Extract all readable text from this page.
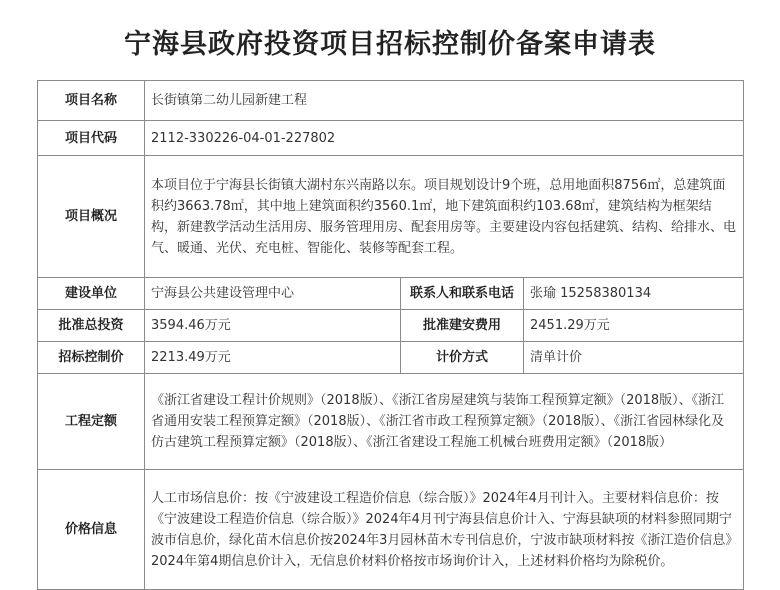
宁海县政府投资项目招标控制价备案申请表
项目名称	长街镇第二幼儿园新建工程		
项目代码	2112-330226-04-01-227802		
项目概况	本项目位于宁海县长街镇大湖村东兴南路以东。项目规划设计9个班，总用地面积8756㎡，总建筑面积约3663.78㎡，其中地上建筑面积约3560.1㎡，地下建筑面积约103.68㎡，建筑结构为框架结构，新建教学活动生活用房、服务管理用房、配套用房等。主要建设内容包括建筑、结构、给排水、电气、暖通、光伏、充电桩、智能化、装修等配套工程。		
建设单位	宁海县公共建设管理中心	联系人和联系电话	张瑜 15258380134
批准总投资	3594.46万元	批准建安费用	2451.29万元
招标控制价	2213.49万元	计价方式	清单计价
工程定额	《浙江省建设工程计价规则》（2018版）、《浙江省房屋建筑与装饰工程预算定额》（2018版）、《浙江省通用安装工程预算定额》（2018版）、《浙江省市政工程预算定额》（2018版）、《浙江省园林绿化及仿古建筑工程预算定额》（2018版）、《浙江省建设工程施工机械台班费用定额》（2018版）		
价格信息	人工市场信息价：按《宁波建设工程造价信息（综合版）》2024年4月刊计入。主要材料信息价：按《宁波建设工程造价信息（综合版）》2024年4月刊宁海县信息价计入、宁海县缺项的材料参照同期宁波市信息价，绿化苗木信息价按2024年3月园林苗木专刊信息价，宁波市缺项材料按《浙江造价信息》2024年第4期信息价计入，无信息价材料价格按市场询价计入，上述材料价格均为除税价。		
